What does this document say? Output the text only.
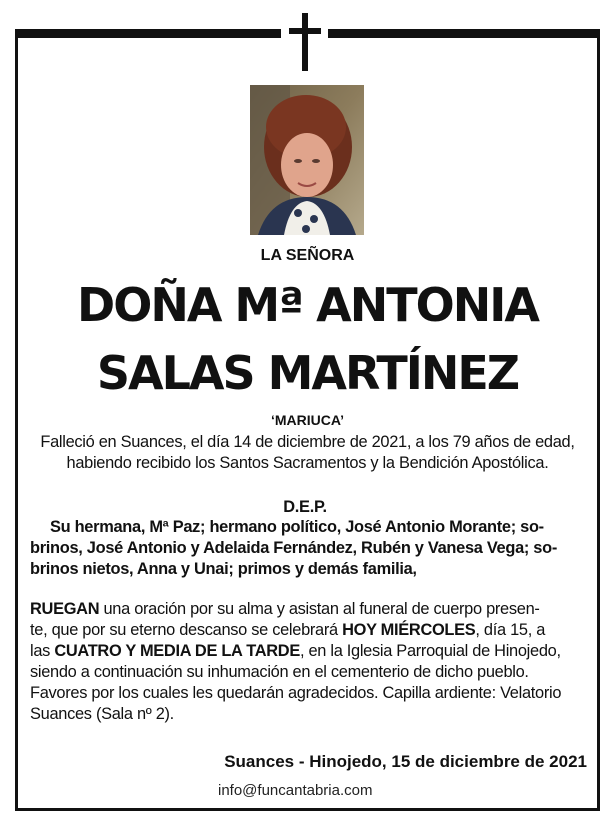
LA SEÑORA
DOÑA Mª ANTONIA
SALAS MARTÍNEZ
‘MARIUCA’
Falleció en Suances, el día 14 de diciembre de 2021, a los 79 años de edad,
habiendo recibido los Santos Sacramentos y la Bendición Apostólica.
D.E.P.
Su hermana, Mª Paz; hermano político, José Antonio Morante; so-
brinos, José Antonio y Adelaida Fernández, Rubén y Vanesa Vega; so-
brinos nietos, Anna y Unai; primos y demás familia,
RUEGAN una oración por su alma y asistan al funeral de cuerpo presen-
te, que por su eterno descanso se celebrará HOY MIÉRCOLES, día 15, a
las CUATRO Y MEDIA DE LA TARDE, en la Iglesia Parroquial de Hinojedo,
siendo a continuación su inhumación en el cementerio de dicho pueblo.
Favores por los cuales les quedarán agradecidos. Capilla ardiente: Velatorio
Suances (Sala nº 2).
Suances - Hinojedo, 15 de diciembre de 2021
info@funcantabria.com
